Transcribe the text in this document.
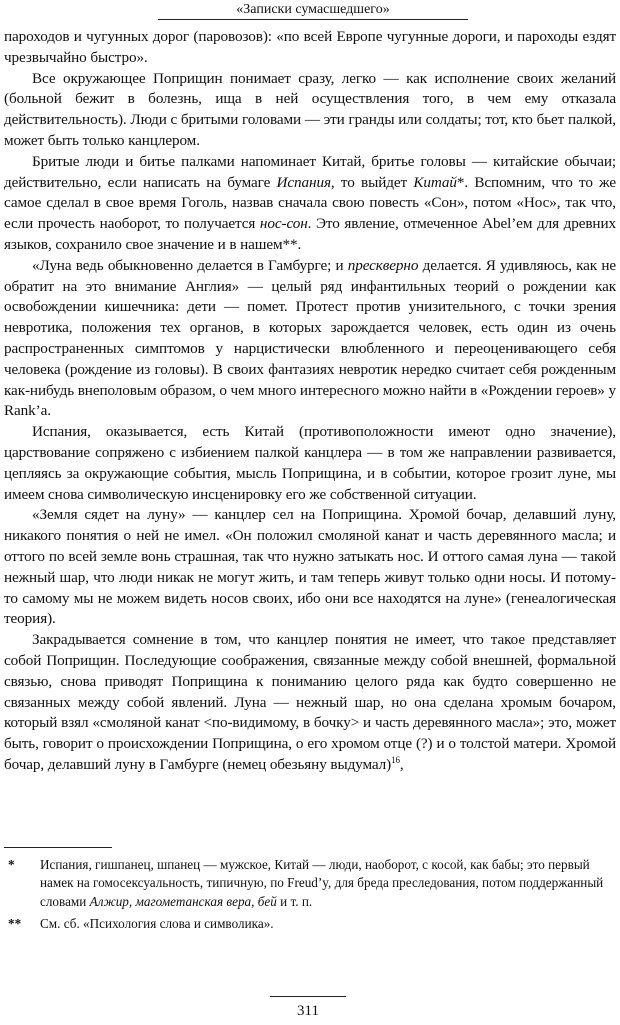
«Записки сумасшедшего»

пароходов и чугунных дорог (паровозов): «по всей Европе чугунные дороги, и пароходы ездят чрезвычайно быстро».

Все окружающее Поприщин понимает сразу, легко — как исполнение своих желаний (больной бежит в болезнь, ища в ней осуществления того, в чем ему отказала действительность). Люди с бритыми головами — эти гранды или солдаты; тот, кто бьет палкой, может быть только канцлером.

Бритые люди и битье палками напоминает Китай, бритье головы — китайские обычаи; действительно, если написать на бумаге Испания, то выйдет Китай*. Вспомним, что то же самое сделал в свое время Гоголь, назвав сначала свою повесть «Сон», потом «Нос», так что, если прочесть наоборот, то получается нос-сон. Это явление, отмеченное Abel’ем для древних языков, сохранило свое значение и в нашем**.

«Луна ведь обыкновенно делается в Гамбурге; и прескверно делается. Я удивляюсь, как не обратит на это внимание Англия» — целый ряд инфантильных теорий о рождении как освобождении кишечника: дети — помет. Протест против унизительного, с точки зрения невротика, положения тех органов, в которых зарождается человек, есть один из очень распространенных симптомов у нарцистически влюбленного и переоценивающего себя человека (рождение из головы). В своих фантазиях невротик нередко считает себя рожденным как-нибудь внеполовым образом, о чем много интересного можно найти в «Рождении героев» у Rank’a.

Испания, оказывается, есть Китай (противоположности имеют одно значение), царствование сопряжено с избиением палкой канцлера — в том же направлении развивается, цепляясь за окружающие события, мысль Поприщина, и в событии, которое грозит луне, мы имеем снова символическую инсценировку его же собственной ситуации.

«Земля сядет на луну» — канцлер сел на Поприщина. Хромой бочар, делавший луну, никакого понятия о ней не имел. «Он положил смоляной канат и часть деревянного масла; и оттого по всей земле вонь страшная, так что нужно затыкать нос. И оттого самая луна — такой нежный шар, что люди никак не могут жить, и там теперь живут только одни носы. И потому-то самому мы не можем видеть носов своих, ибо они все находятся на луне» (генеалогическая теория).

Закрадывается сомнение в том, что канцлер понятия не имеет, что такое представляет собой Поприщин. Последующие соображения, связанные между собой внешней, формальной связью, снова приводят Поприщина к пониманию целого ряда как будто совершенно не связанных между собой явлений. Луна — нежный шар, но она сделана хромым бочаром, который взял «смоляной канат <по-видимому, в бочку> и часть деревянного масла»; это, может быть, говорит о происхождении Поприщина, о его хромом отце (?) и о толстой матери. Хромой бочар, делавший луну в Гамбурге (немец обезьяну выдумал)$^{16}$,

*	Испания, гишпанец, шпанец — мужское, Китай — люди, наоборот, с косой, как бабы; это первый намек на гомосексуальность, типичную, по Freud’y, для бреда преследования, потом поддержанный словами Алжир, магометанская вера, бей и т. п.
**	См. сб. «Психология слова и символика».
311
